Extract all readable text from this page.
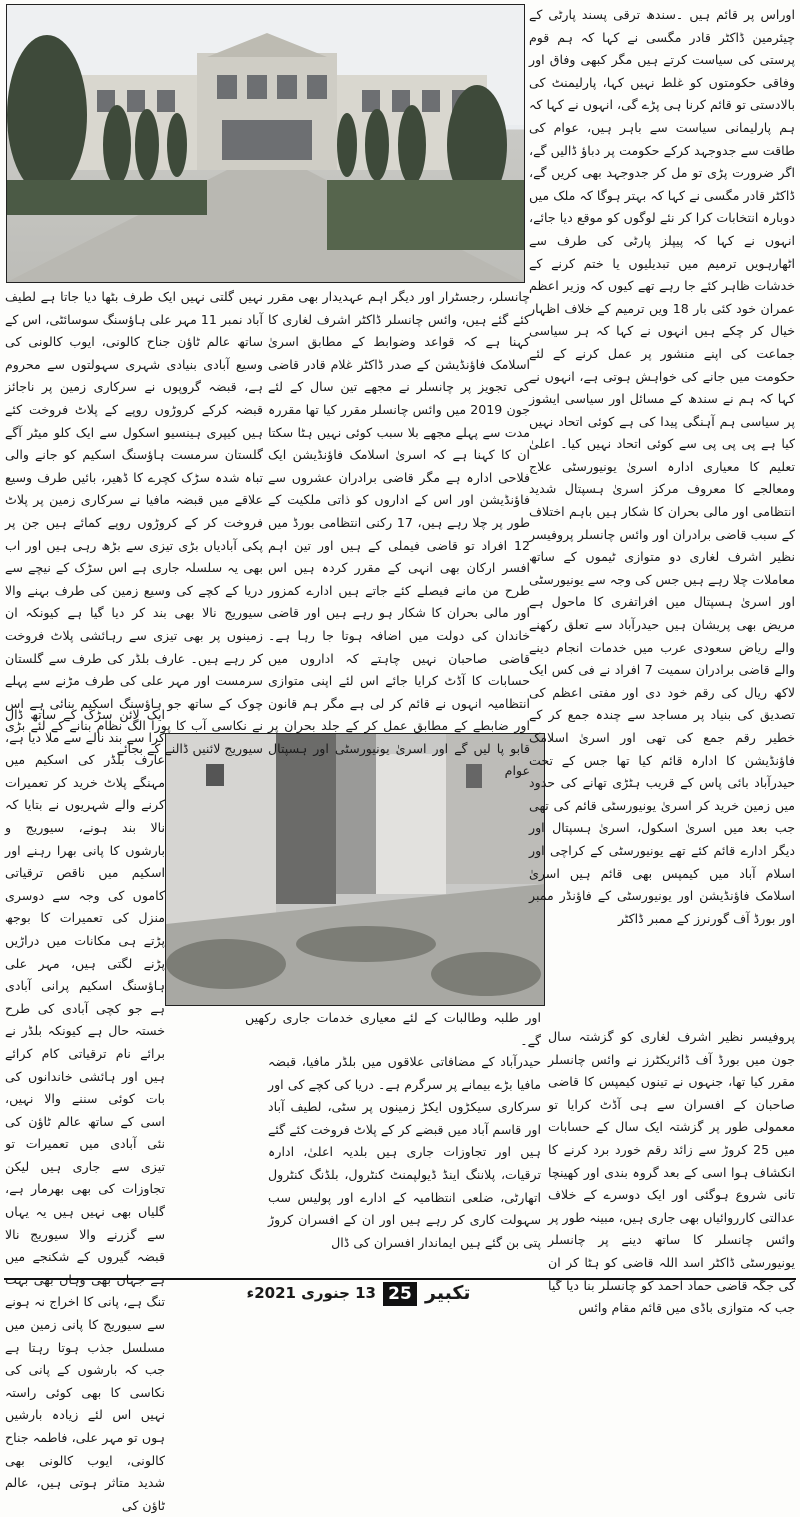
اوراس پر قائم ہیں ۔سندھ ترقی پسند پارٹی کے چیئرمین ڈاکٹر قادر مگسی نے کہا کہ ہم قوم پرستی کی سیاست کرتے ہیں مگر کبھی وفاق اور وفاقی حکومتوں کو غلط نہیں کہا، پارلیمنٹ کی بالادستی تو قائم کرنا ہی پڑے گی، انہوں نے کہا کہ ہم پارلیمانی سیاست سے باہر ہیں، عوام کی طاقت سے جدوجہد کرکے حکومت پر دباؤ ڈالیں گے، اگر ضرورت پڑی تو مل کر جدوجہد بھی کریں گے، ڈاکٹر قادر مگسی نے کہا کہ بہتر ہوگا کہ ملک میں دوبارہ انتخابات کرا کر نئے لوگوں کو موقع دیا جائے، انہوں نے کہا کہ پیپلز پارٹی کی طرف سے اٹھارہویں ترمیم میں تبدیلیوں یا ختم کرنے کے خدشات ظاہر کئے جا رہے تھے کیوں کہ وزیر اعظم عمران خود کئی بار 18 ویں ترمیم کے خلاف اظہار خیال کر چکے ہیں انہوں نے کہا کہ ہر سیاسی جماعت کی اپنے منشور پر عمل کرنے کے لئے حکومت میں جانے کی خواہش ہوتی ہے، انہوں نے کہا کہ ہم نے سندھ کے مسائل اور سیاسی ایشوز پر سیاسی ہم آہنگی پیدا کی ہے کوئی اتحاد نہیں کیا ہے پی پی پی سے کوئی اتحاد نہیں کیا۔ اعلیٰ تعلیم کا معیاری ادارہ اسریٰ یونیورسٹی علاج ومعالجے کا معروف مرکز اسریٰ ہسپتال شدید انتظامی اور مالی بحران کا شکار ہیں باہم اختلاف کے سبب قاضی برادران اور وائس چانسلر پروفیسر نظیر اشرف لغاری دو متوازی ٹیموں کے ساتھ معاملات چلا رہے ہیں جس کی وجہ سے یونیورسٹی اور اسریٰ ہسپتال میں افراتفری کا ماحول ہے مریض بھی پریشان ہیں حیدرآباد سے تعلق رکھنے والے ریاض سعودی عرب میں خدمات انجام دینے والے قاضی برادران سمیت 7 افراد نے فی کس ایک لاکھ ریال کی رقم خود دی اور مفتی اعظم کی تصدیق کی بنیاد پر مساجد سے چندہ جمع کر کے خطیر رقم جمع کی تھی اور اسریٰ اسلامک فاؤنڈیشن کا ادارہ قائم کیا تھا جس کے تحت حیدرآباد بائی پاس کے قریب ہٹڑی تھانے کی حدود میں زمین خرید کر اسریٰ یونیورسٹی قائم کی تھی جب بعد میں اسریٰ اسکول، اسریٰ ہسپتال اور دیگر ادارے قائم کئے تھے یونیورسٹی کے کراچی اور اسلام آباد میں کیمپس بھی قائم ہیں اسریٰ اسلامک فاؤنڈیشن اور یونیورسٹی کے فاؤنڈر ممبر اور بورڈ آف گورنرز کے ممبر ڈاکٹر

پروفیسر نظیر اشرف لغاری کو گزشتہ سال جون میں بورڈ آف ڈائریکٹرز نے وائس چانسلر مقرر کیا تھا، جنہوں نے تینوں کیمپس کا قاضی صاحبان کے افسران سے ہی آڈٹ کرایا تو معمولی طور پر گزشتہ ایک سال کے حسابات میں 25 کروڑ سے زائد رقم خورد برد کرنے کا انکشاف ہوا اسی کے بعد گروہ بندی اور کھینچا تانی شروع ہوگئی اور ایک دوسرے کے خلاف عدالتی کارروائیاں بھی جاری ہیں، مبینہ طور پر وائس چانسلر کا ساتھ دینے پر چانسلر یونیورسٹی ڈاکٹر اسد اللہ قاضی کو ہٹا کر ان کی جگہ قاضی حماد احمد کو چانسلر بنا دیا گیا جب کہ متوازی باڈی میں قائم مقام وائس

چانسلر، رجسٹرار اور دیگر اہم عہدیدار بھی مقرر کئے گئے ہیں، وائس چانسلر ڈاکٹر اشرف لغاری کا کہنا ہے کہ قواعد وضوابط کے مطابق اسریٰ اسلامک فاؤنڈیشن کے صدر ڈاکٹر غلام قادر قاضی کی تجویز پر چانسلر نے مجھے تین سال کے لئے جون 2019 میں وائس چانسلر مقرر کیا تھا مقررہ مدت سے پہلے مجھے بلا سبب کوئی نہیں ہٹا سکتا ان کا کہنا ہے کہ اسریٰ اسلامک فاؤنڈیشن ایک فلاحی ادارہ ہے مگر قاضی برادران عشروں سے فاؤنڈیشن اور اس کے اداروں کو ذاتی ملکیت کے طور پر چلا رہے ہیں، 17 رکنی انتظامی بورڈ میں 12 افراد تو قاضی فیملی کے ہیں اور تین اہم افسر ارکان بھی انہی کے مقرر کردہ ہیں اس طرح من مانے فیصلے کئے جاتے ہیں ادارے کمزور اور مالی بحران کا شکار ہو رہے ہیں اور قاضی خاندان کی دولت میں اضافہ ہوتا جا رہا ہے۔ قاضی صاحبان نہیں چاہتے کہ اداروں میں حسابات کا آڈٹ کرایا جائے اس لئے اپنی متوازی انتظامیہ انہوں نے قائم کر لی ہے مگر ہم قانون اور ضابطے کے مطابق عمل کر کے جلد بحران پر قابو پا لیں گے اور اسریٰ یونیورسٹی اور ہسپتال عوام

نہیں گلتی نہیں ایک طرف بٹھا دیا جاتا ہے لطیف آباد نمبر 11 مہر علی ہاؤسنگ سوسائٹی، اس کے ساتھ عالم ٹاؤن جناح کالونی، ایوب کالونی کی وسیع آبادی بنیادی شہری سہولتوں سے محروم ہے، قبضہ گروپوں نے سرکاری زمین پر ناجائز قبضہ کرکے کروڑوں روپے کے پلاٹ فروخت کئے ہیں کیپری ہینسیو اسکول سے ایک کلو میٹر آگے گلستان سرمست ہاؤسنگ اسکیم کو جانے والی تباہ شدہ سڑک کچرے کا ڈھیر، بائیں طرف وسیع علاقے میں قبضہ مافیا نے سرکاری زمین پر پلاٹ فروخت کر کے کروڑوں روپے کمائے ہیں جن پر پکی آبادیاں بڑی تیزی سے بڑھ رہی ہیں اور اب بھی یہ سلسلہ جاری ہے اس سڑک کے نیچے سے دریا کے کچے کی وسیع زمین کی طرف بہنے والا سیوریج نالا بھی بند کر دیا گیا ہے کیونکہ ان زمینوں پر بھی تیزی سے رہائشی پلاٹ فروخت کر رہے ہیں۔ عارف بلڈر کی طرف سے گلستان سرمست اور مہر علی کی طرف مڑنے سے پہلے چوک کے ساتھ جو ہاؤسنگ اسکیم بنائی ہے اس نے نکاسی آب کا پورا الگ نظام بنانے کے لئے بڑی سیوریج لائنیں ڈالنے کے بجائے

ایک لائن سڑک کے ساتھ ڈال کرا سے بند نالے سے ملا دیا ہے، عارف بلڈر کی اسکیم میں مہنگے پلاٹ خرید کر تعمیرات کرنے والے شہریوں نے بتایا کہ نالا بند ہونے، سیوریج و بارشوں کا پانی بھرا رہنے اور اسکیم میں ناقص ترقیاتی کاموں کی وجہ سے دوسری منزل کی تعمیرات کا بوجھ پڑتے ہی مکانات میں دراڑیں پڑنے لگتی ہیں، مہر علی ہاؤسنگ اسکیم پرانی آبادی ہے جو کچی آبادی کی طرح خستہ حال ہے کیونکہ بلڈر نے برائے نام ترقیاتی کام کرائے ہیں اور ہائشی خاندانوں کی بات کوئی سننے والا نہیں، اسی کے ساتھ عالم ٹاؤن کی نئی آبادی میں تعمیرات تو تیزی سے جاری ہیں لیکن تجاوزات کی بھی بھرمار ہے، گلیاں بھی نہیں ہیں یہ یہاں سے گزرنے والا سیوریج نالا قبضہ گیروں کے شکنجے میں ہے جہاں بھی وہاں بھی بہت تنگ ہے، پانی کا اخراج نہ ہونے سے سیوریج کا پانی زمین میں مسلسل جذب ہوتا رہتا ہے جب کہ بارشوں کے پانی کی نکاسی کا بھی کوئی راستہ نہیں اس لئے زیادہ بارشیں ہوں تو مہر علی، فاطمہ جناح کالونی، ایوب کالونی بھی شدید متاثر ہوتی ہیں، عالم ٹاؤن کی

اور طلبہ وطالبات کے لئے معیاری خدمات جاری رکھیں گے۔

حیدرآباد کے مضافاتی علاقوں میں بلڈر مافیا، قبضہ مافیا بڑے بیمانے پر سرگرم ہے۔ دریا کی کچے کی اور سرکاری سیکڑوں ایکڑ زمینوں پر سٹی، لطیف آباد اور قاسم آباد میں قبضے کر کے پلاٹ فروخت کئے گئے ہیں اور تجاوزات جاری ہیں بلدیہ اعلیٰ، ادارہ ترقیات، پلاننگ اینڈ ڈیولپمنٹ کنٹرول، بلڈنگ کنٹرول اتھارٹی، ضلعی انتظامیہ کے ادارے اور پولیس سب سہولت کاری کر رہے ہیں اور ان کے افسران کروڑ پتی بن گئے ہیں ایماندار افسران کی ڈال

13 جنوری 2021ء 25 تکبیر
